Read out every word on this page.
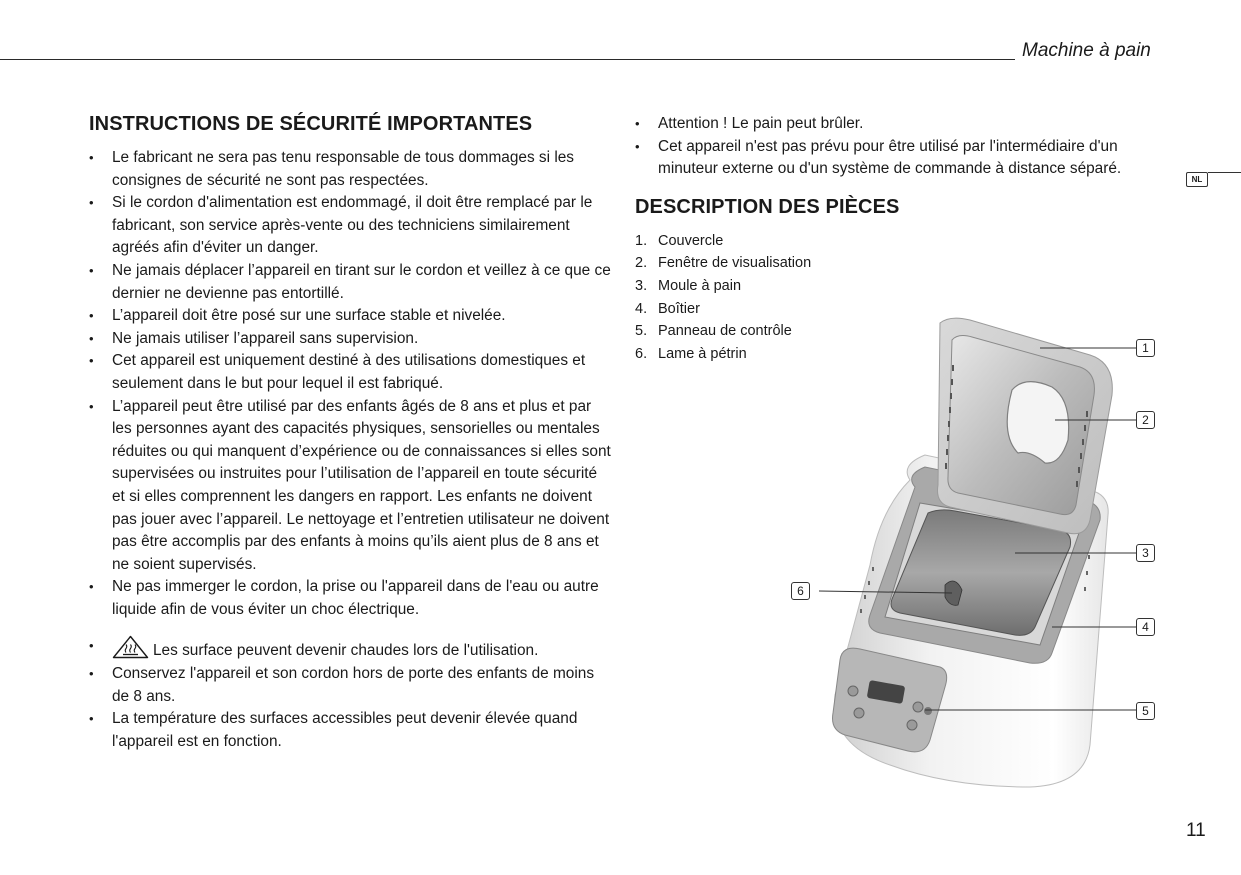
Machine à pain
NL
INSTRUCTIONS DE SÉCURITÉ IMPORTANTES
• Le fabricant ne sera pas tenu responsable de tous dommages si les consignes de sécurité ne sont pas respectées.
• Si le cordon d'alimentation est endommagé, il doit être remplacé par le fabricant, son service après-vente ou des techniciens similairement agréés afin d'éviter un danger.
• Ne jamais déplacer l’appareil en tirant sur le cordon et veillez à ce que ce dernier ne devienne pas entortillé.
• L’appareil doit être posé sur une surface stable et nivelée.
• Ne jamais utiliser l’appareil sans supervision.
• Cet appareil est uniquement destiné à des utilisations domestiques et seulement dans le but pour lequel il est fabriqué.
• L’appareil peut être utilisé par des enfants âgés de 8 ans et plus et par les personnes ayant des capacités physiques, sensorielles ou mentales réduites ou qui manquent d’expérience ou de connaissances si elles sont supervisées ou instruites pour l’utilisation de l’appareil en toute sécurité et si elles comprennent les dangers en rapport. Les enfants ne doivent pas jouer avec l’appareil. Le nettoyage et l’entretien utilisateur ne doivent pas être accomplis par des enfants à moins qu’ils aient plus de 8 ans et ne soient supervisés.
• Ne pas immerger le cordon, la prise ou l'appareil dans de l'eau ou autre liquide afin de vous éviter un choc électrique.
• Les surface peuvent devenir chaudes lors de l'utilisation.
• Conservez l'appareil et son cordon hors de porte des enfants de moins de 8 ans.
• La température des surfaces accessibles peut devenir élevée quand l'appareil est en fonction.
• Attention ! Le pain peut brûler.
• Cet appareil n'est pas prévu pour être utilisé par l'intermédiaire d'un minuteur externe ou d'un système de commande à distance séparé.
DESCRIPTION DES PIÈCES
1. Couvercle
2. Fenêtre de visualisation
3. Moule à pain
4. Boîtier
5. Panneau de contrôle
6. Lame à pétrin	1
2
3
4
5
6
11
